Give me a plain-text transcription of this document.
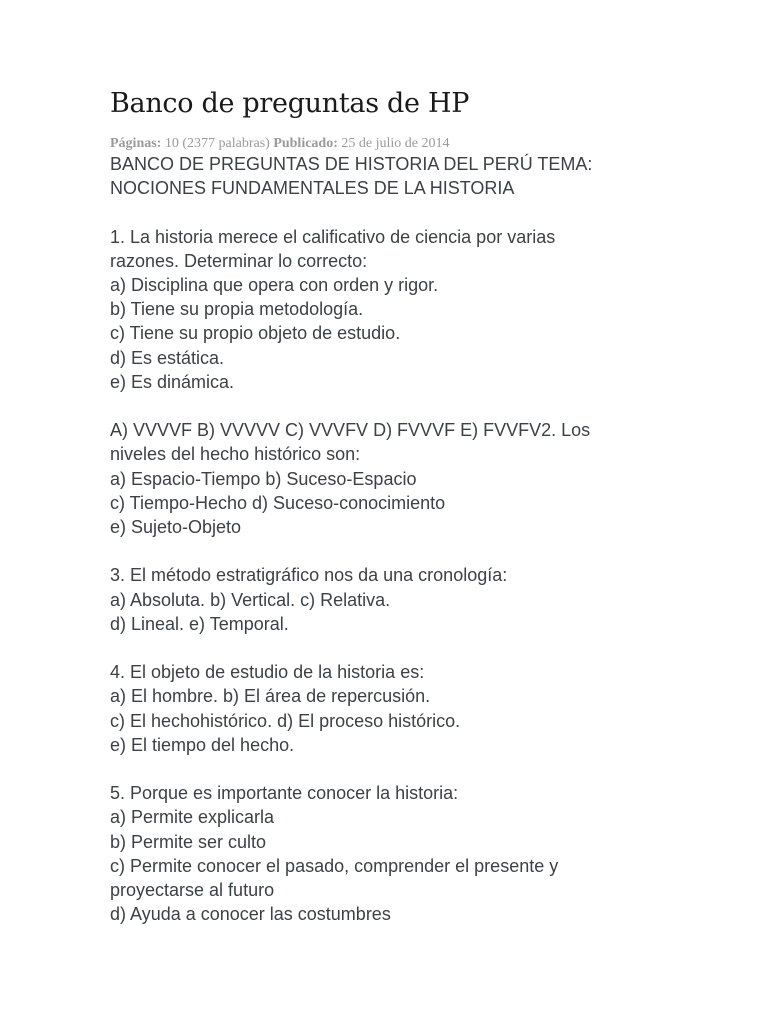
Banco de preguntas de HP
Páginas: 10 (2377 palabras) Publicado: 25 de julio de 2014
BANCO DE PREGUNTAS DE HISTORIA DEL PERÚ TEMA:
NOCIONES FUNDAMENTALES DE LA HISTORIA
1. La historia merece el calificativo de ciencia por varias
razones. Determinar lo correcto:
a) Disciplina que opera con orden y rigor.
b) Tiene su propia metodología.
c) Tiene su propio objeto de estudio.
d) Es estática.
e) Es dinámica.
A) VVVVF B) VVVVV C) VVVFV D) FVVVF E) FVVFV2. Los
niveles del hecho histórico son:
a) Espacio-Tiempo b) Suceso-Espacio
c) Tiempo-Hecho d) Suceso-conocimiento
e) Sujeto-Objeto
3. El método estratigráfico nos da una cronología:
a) Absoluta. b) Vertical. c) Relativa.
d) Lineal. e) Temporal.
4. El objeto de estudio de la historia es:
a) El hombre. b) El área de repercusión.
c) El hechohistórico. d) El proceso histórico.
e) El tiempo del hecho.
5. Porque es importante conocer la historia:
a) Permite explicarla
b) Permite ser culto
c) Permite conocer el pasado, comprender el presente y
proyectarse al futuro
d) Ayuda a conocer las costumbres
